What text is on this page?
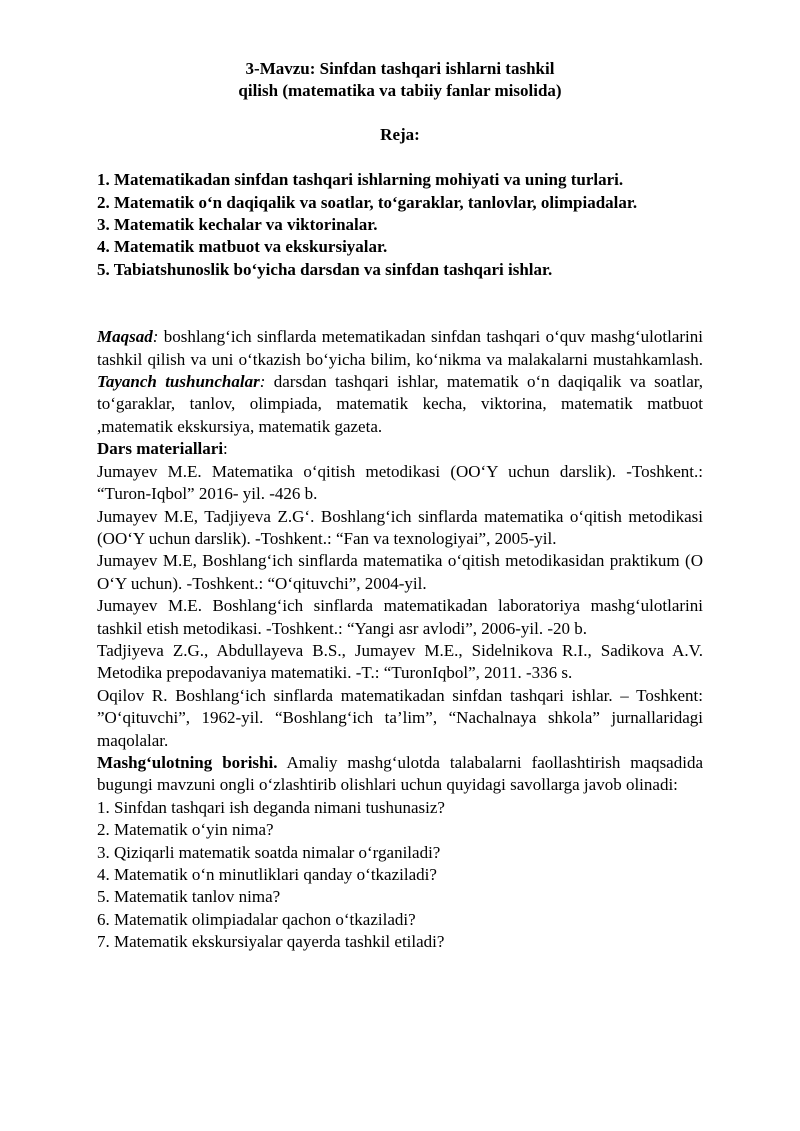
3-Mavzu: Sinfdan tashqari ishlarni tashkil
qilish (matematika va tabiiy fanlar misolida)
Reja:
1. Matematikadan sinfdan tashqari ishlarning mohiyati va uning turlari.
2. Matematik o‘n daqiqalik va soatlar, to‘garaklar, tanlovlar, olimpiadalar.
3. Matematik kechalar va viktorinalar.
4. Matematik matbuot va ekskursiyalar.
5. Tabiatshunoslik bo‘yicha darsdan va sinfdan tashqari ishlar.

Maqsad: boshlang‘ich sinflarda metematikadan sinfdan tashqari o‘quv mashg‘ulotlarini tashkil qilish va uni o‘tkazish bo‘yicha bilim, ko‘nikma va malakalarni mustahkamlash.

Tayanch tushunchalar: darsdan tashqari ishlar, matematik o‘n daqiqalik va soatlar, to‘garaklar, tanlov, olimpiada, matematik kecha, viktorina, matematik matbuot ,matematik ekskursiya, matematik gazeta.

Dars materiallari:

Jumayev M.E. Matematika o‘qitish metodikasi (OO‘Y uchun darslik). -Toshkent.: “Turon-Iqbol” 2016- yil. -426 b.

Jumayev M.E, Tadjiyeva Z.G‘. Boshlang‘ich sinflarda matematika o‘qitish metodikasi (OO‘Y uchun darslik). -Toshkent.: “Fan va texnologiyai”, 2005-yil.

Jumayev M.E, Boshlang‘ich sinflarda matematika o‘qitish metodikasidan praktikum (O O‘Y uchun). -Toshkent.: “O‘qituvchi”, 2004-yil.

Jumayev M.E. Boshlang‘ich sinflarda matematikadan laboratoriya mashg‘ulotlarini tashkil etish metodikasi. -Toshkent.: “Yangi asr avlodi”, 2006-yil. -20 b.

Tadjiyeva Z.G., Abdullayeva B.S., Jumayev M.E., Sidelnikova R.I., Sadikova A.V. Metodika prepodavaniya matematiki. -T.: “TuronIqbol”, 2011. -336 s.

Oqilov R. Boshlang‘ich sinflarda matematikadan sinfdan tashqari ishlar. – Toshkent: ”O‘qituvchi”, 1962-yil. “Boshlang‘ich ta’lim”, “Nachalnaya shkola” jurnallaridagi maqolalar.

Mashg‘ulotning borishi. Amaliy mashg‘ulotda talabalarni faollashtirish maqsadida bugungi mavzuni ongli o‘zlashtirib olishlari uchun quyidagi savollarga javob olinadi:

1. Sinfdan tashqari ish deganda nimani tushunasiz?

2. Matematik o‘yin nima?

3. Qiziqarli matematik soatda nimalar o‘rganiladi?

4. Matematik o‘n minutliklari qanday o‘tkaziladi?

5. Matematik tanlov nima?

6. Matematik olimpiadalar qachon o‘tkaziladi?

7. Matematik ekskursiyalar qayerda tashkil etiladi?
